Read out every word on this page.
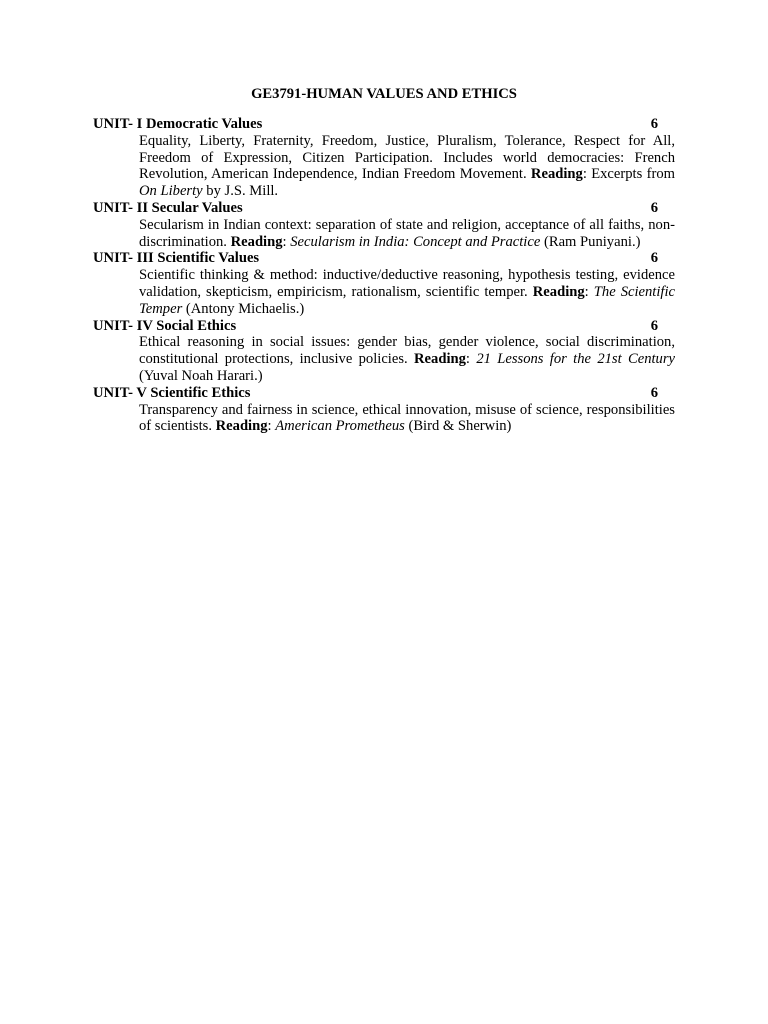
GE3791-HUMAN VALUES AND ETHICS
UNIT- I Democratic Values	6
Equality, Liberty, Fraternity, Freedom, Justice, Pluralism, Tolerance, Respect for All, Freedom of Expression, Citizen Participation. Includes world democracies: French Revolution, American Independence, Indian Freedom Movement. Reading: Excerpts from On Liberty by J.S. Mill.
UNIT- II Secular Values	6
Secularism in Indian context: separation of state and religion, acceptance of all faiths, non-discrimination. Reading: Secularism in India: Concept and Practice (Ram Puniyani.)
UNIT- III Scientific Values	6
Scientific thinking & method: inductive/deductive reasoning, hypothesis testing, evidence validation, skepticism, empiricism, rationalism, scientific temper. Reading: The Scientific Temper (Antony Michaelis.)
UNIT- IV Social Ethics	6
Ethical reasoning in social issues: gender bias, gender violence, social discrimination, constitutional protections, inclusive policies. Reading: 21 Lessons for the 21st Century (Yuval Noah Harari.)
UNIT- V Scientific Ethics	6
Transparency and fairness in science, ethical innovation, misuse of science, responsibilities of scientists. Reading: American Prometheus (Bird & Sherwin)
